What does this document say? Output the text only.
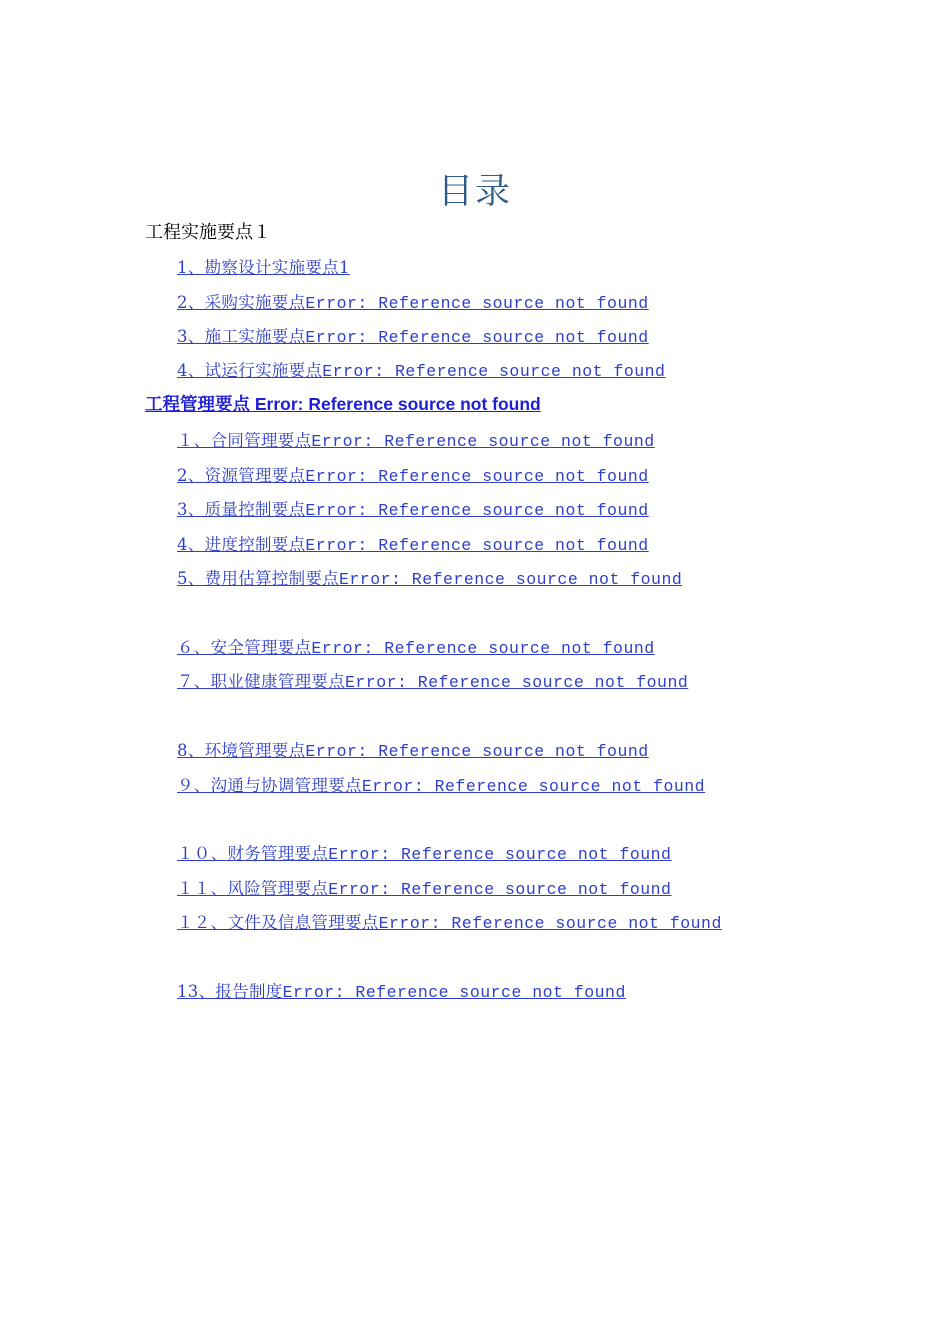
目录
工程实施要点１
1、勘察设计实施要点1
2、采购实施要点Error: Reference source not found
3、施工实施要点Error: Reference source not found
4、试运行实施要点Error: Reference source not found
工程管理要点 Error: Reference source not found
１、合同管理要点Error: Reference source not found
2、资源管理要点Error: Reference source not found
3、质量控制要点Error: Reference source not found
4、进度控制要点Error: Reference source not found
5、费用估算控制要点Error: Reference source not found
６、安全管理要点Error: Reference source not found
７、职业健康管理要点Error: Reference source not found
8、环境管理要点Error: Reference source not found
９、沟通与协调管理要点Error: Reference source not found
１０、财务管理要点Error: Reference source not found
１１、风险管理要点Error: Reference source not found
１２、文件及信息管理要点Error: Reference source not found
13、报告制度Error: Reference source not found
